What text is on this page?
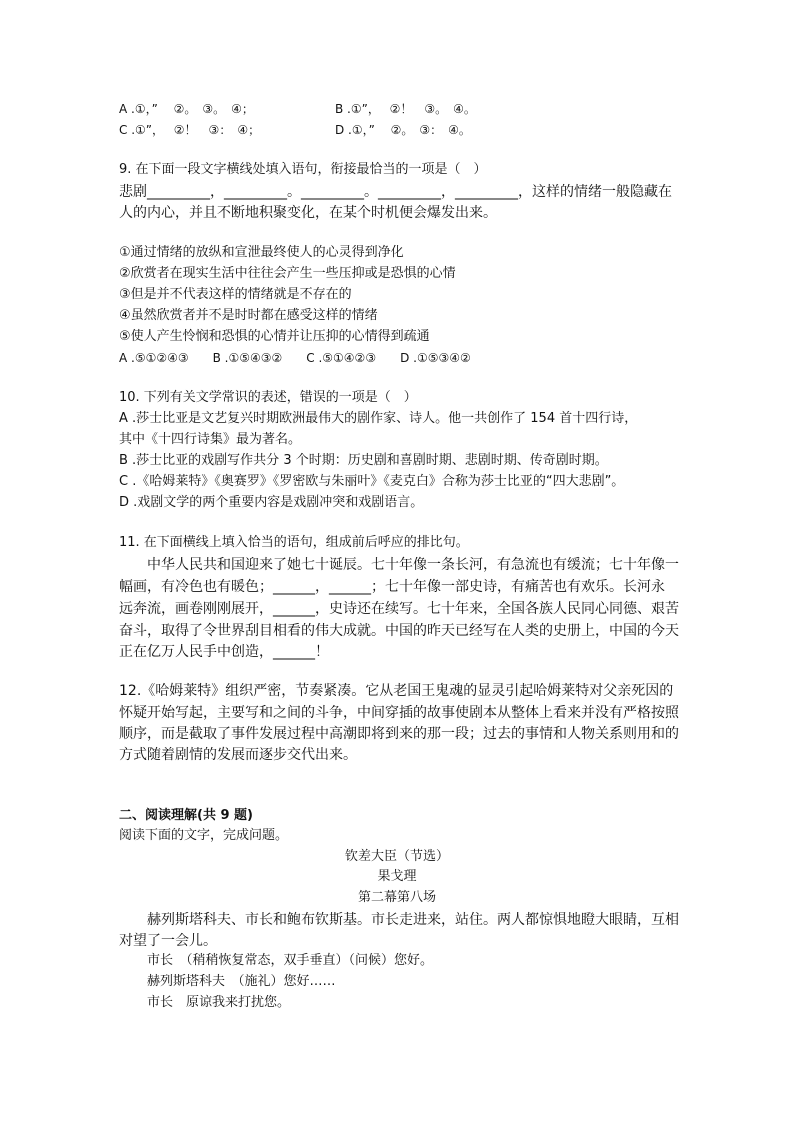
A .①，”　 ②。　③。　④；	B .①”，　 ②！　③。　④。
C .①”，　 ②！　③：　④；	D .①，”　 ②。　③：　④。
9. 在下面一段文字横线处填入语句，衔接最恰当的一项是（　）
悲剧_________，_________。_________。_________，_________，这样的情绪一般隐藏在
人的内心，并且不断地积聚变化，在某个时机便会爆发出来。
①通过情绪的放纵和宣泄最终使人的心灵得到净化
②欣赏者在现实生活中往往会产生一些压抑或是恐惧的心情
③但是并不代表这样的情绪就是不存在的
④虽然欣赏者并不是时时都在感受这样的情绪
⑤使人产生怜悯和恐惧的心情并让压抑的心情得到疏通
A .⑤①②④③　　B .①⑤④③②　　C .⑤①④②③　　D .①⑤③④②
10. 下列有关文学常识的表述，错误的一项是（　）
A .莎士比亚是文艺复兴时期欧洲最伟大的剧作家、诗人。他一共创作了 154 首十四行诗，
其中《十四行诗集》最为著名。
B .莎士比亚的戏剧写作共分 3 个时期：历史剧和喜剧时期、悲剧时期、传奇剧时期。
C .《哈姆莱特》《奥赛罗》《罗密欧与朱丽叶》《麦克白》合称为莎士比亚的“四大悲剧”。
D .戏剧文学的两个重要内容是戏剧冲突和戏剧语言。
11. 在下面横线上填入恰当的语句，组成前后呼应的排比句。
中华人民共和国迎来了她七十诞辰。七十年像一条长河，有急流也有缓流；七十年像一
幅画，有冷色也有暖色；______，______；七十年像一部史诗，有痛苦也有欢乐。长河永
远奔流，画卷刚刚展开，______，史诗还在续写。七十年来，全国各族人民同心同德、艰苦
奋斗，取得了令世界刮目相看的伟大成就。中国的昨天已经写在人类的史册上，中国的今天
正在亿万人民手中创造，______！
12.《哈姆莱特》组织严密，节奏紧凑。它从老国王鬼魂的显灵引起哈姆莱特对父亲死因的
怀疑开始写起，主要写和之间的斗争，中间穿插的故事使剧本从整体上看来并没有严格按照
顺序，而是截取了事件发展过程中高潮即将到来的那一段；过去的事情和人物关系则用和的
方式随着剧情的发展而逐步交代出来。
二、阅读理解(共 9 题)
阅读下面的文字，完成问题。
钦差大臣（节选）
果戈理
第二幕第八场
赫列斯塔科夫、市长和鲍布钦斯基。市长走进来，站住。两人都惊惧地瞪大眼睛，互相
对望了一会儿。
市长　（稍稍恢复常态，双手垂直）（问候）您好。
赫列斯塔科夫　（施礼）您好……
市长　原谅我来打扰您。
